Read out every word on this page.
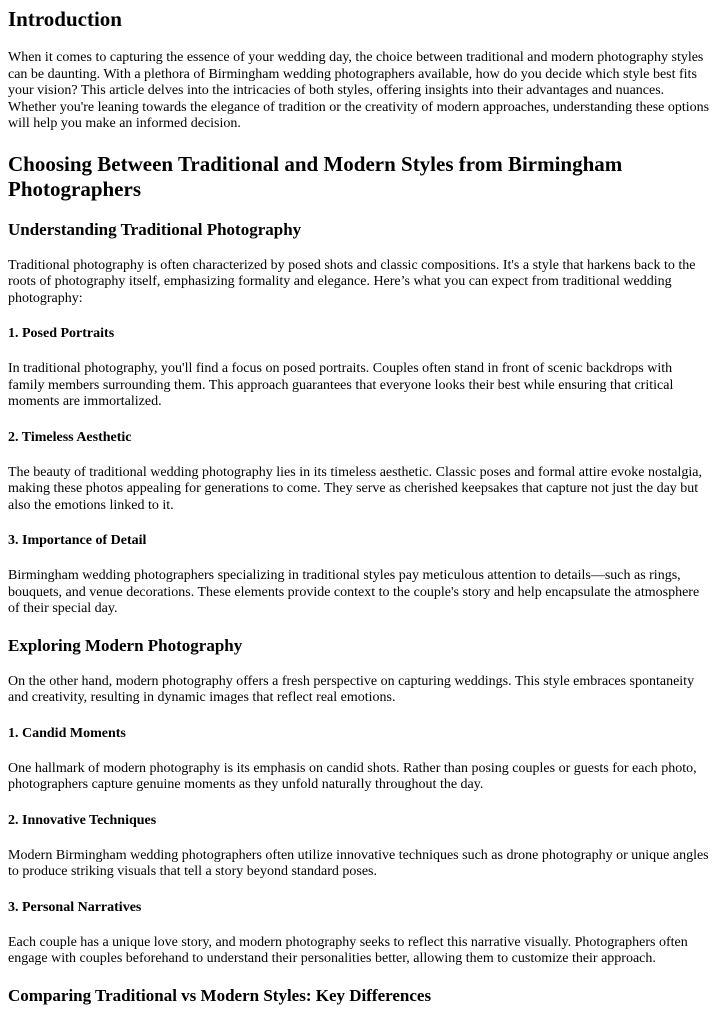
Introduction

When it comes to capturing the essence of your wedding day, the choice between traditional and modern photography styles can be daunting. With a plethora of Birmingham wedding photographers available, how do you decide which style best fits your vision? This article delves into the intricacies of both styles, offering insights into their advantages and nuances. Whether you're leaning towards the elegance of tradition or the creativity of modern approaches, understanding these options will help you make an informed decision.

Choosing Between Traditional and Modern Styles from Birmingham Photographers
Understanding Traditional Photography

Traditional photography is often characterized by posed shots and classic compositions. It's a style that harkens back to the roots of photography itself, emphasizing formality and elegance. Here’s what you can expect from traditional wedding photography:

1. Posed Portraits

In traditional photography, you'll find a focus on posed portraits. Couples often stand in front of scenic backdrops with family members surrounding them. This approach guarantees that everyone looks their best while ensuring that critical moments are immortalized.

2. Timeless Aesthetic

The beauty of traditional wedding photography lies in its timeless aesthetic. Classic poses and formal attire evoke nostalgia, making these photos appealing for generations to come. They serve as cherished keepsakes that capture not just the day but also the emotions linked to it.

3. Importance of Detail

Birmingham wedding photographers specializing in traditional styles pay meticulous attention to details—such as rings, bouquets, and venue decorations. These elements provide context to the couple's story and help encapsulate the atmosphere of their special day.

Exploring Modern Photography

On the other hand, modern photography offers a fresh perspective on capturing weddings. This style embraces spontaneity and creativity, resulting in dynamic images that reflect real emotions.

1. Candid Moments

One hallmark of modern photography is its emphasis on candid shots. Rather than posing couples or guests for each photo, photographers capture genuine moments as they unfold naturally throughout the day.

2. Innovative Techniques

Modern Birmingham wedding photographers often utilize innovative techniques such as drone photography or unique angles to produce striking visuals that tell a story beyond standard poses.

3. Personal Narratives

Each couple has a unique love story, and modern photography seeks to reflect this narrative visually. Photographers often engage with couples beforehand to understand their personalities better, allowing them to customize their approach.

Comparing Traditional vs Modern Styles: Key Differences
